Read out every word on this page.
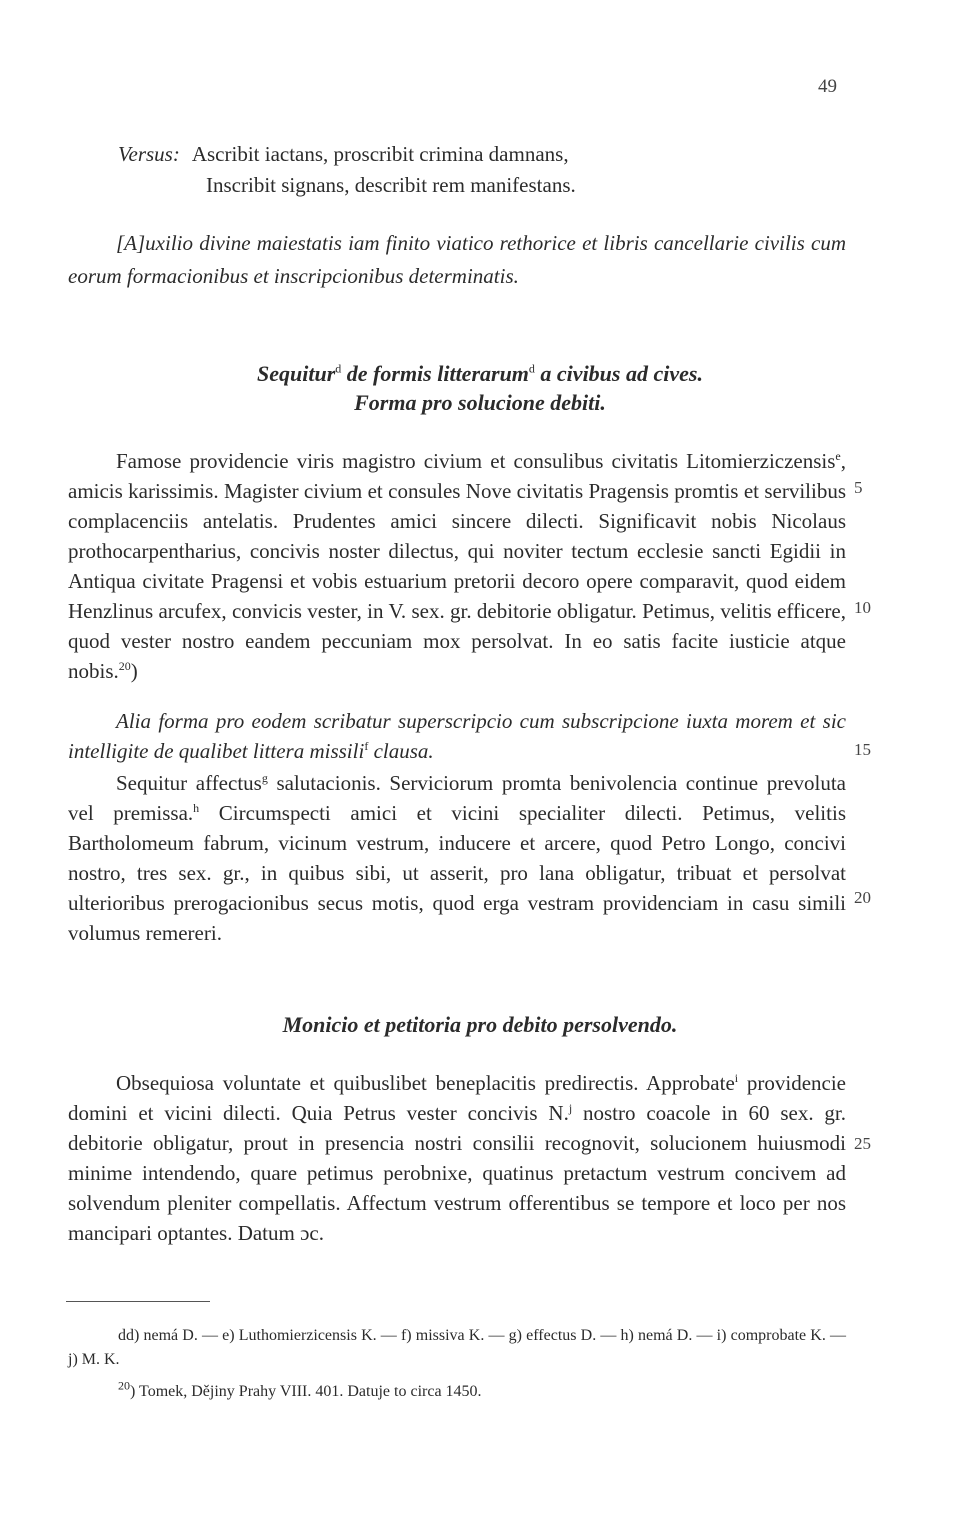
49
Versus: Ascribit iactans, proscribit crimina damnans,
Inscribit signans, describit rem manifestans.
[A]uxilio divine maiestatis iam finito viatico rethorice et libris cancellarie civilis cum eorum formacionibus et inscripcionibus determinatis.
Sequitur$^d$ de formis litterarum$^d$ a civibus ad cives.
Forma pro solucione debiti.
Famose providencie viris magistro civium et consulibus civitatis Litomierziczensis$^e$, amicis karissimis. Magister civium et consules Nove civitatis Pragensis promtis et servilibus complacenciis antelatis. Prudentes amici sincere dilecti. Significavit nobis Nicolaus prothocarpentharius, concivis noster dilectus, qui noviter tectum ecclesie sancti Egidii in Antiqua civitate Pragensi et vobis estuarium pretorii decoro opere comparavit, quod eidem Henzlinus arcufex, convicis vester, in V. sex. gr. debitorie obligatur. Petimus, velitis efficere, quod vester nostro eandem peccuniam mox persolvat. In eo satis facite iusticie atque nobis.$^{20}$)
Alia forma pro eodem scribatur superscripcio cum subscripcione iuxta morem et sic intelligite de qualibet littera missili$^f$ clausa.
Sequitur affectus$^g$ salutacionis. Serviciorum promta benivolencia continue prevoluta vel premissa.$^h$ Circumspecti amici et vicini specialiter dilecti. Petimus, velitis Bartholomeum fabrum, vicinum vestrum, inducere et arcere, quod Petro Longo, concivi nostro, tres sex. gr., in quibus sibi, ut asserit, pro lana obligatur, tribuat et persolvat ulterioribus prerogacionibus secus motis, quod erga vestram providenciam in casu simili volumus remereri.
Monicio et petitoria pro debito persolvendo.
Obsequiosa voluntate et quibuslibet beneplacitis predirectis. Approbate$^i$ providencie domini et vicini dilecti. Quia Petrus vester concivis N.$^j$ nostro coacole in 60 sex. gr. debitorie obligatur, prout in presencia nostri consilii recognovit, solucionem huiusmodi minime intendendo, quare petimus perobnixe, quatinus pretactum vestrum concivem ad solvendum pleniter compellatis. Affectum vestrum offerentibus se tempore et loco per nos mancipari optantes. Datum ɔc.
5
10
15
20
25
dd) nemá D. — e) Luthomierzicensis K. — f) missiva K. — g) effectus D. — h) nemá D. — i) comprobate K. — j) M. K.
$^{20}$) Tomek, Dějiny Prahy VIII. 401. Datuje to circa 1450.
